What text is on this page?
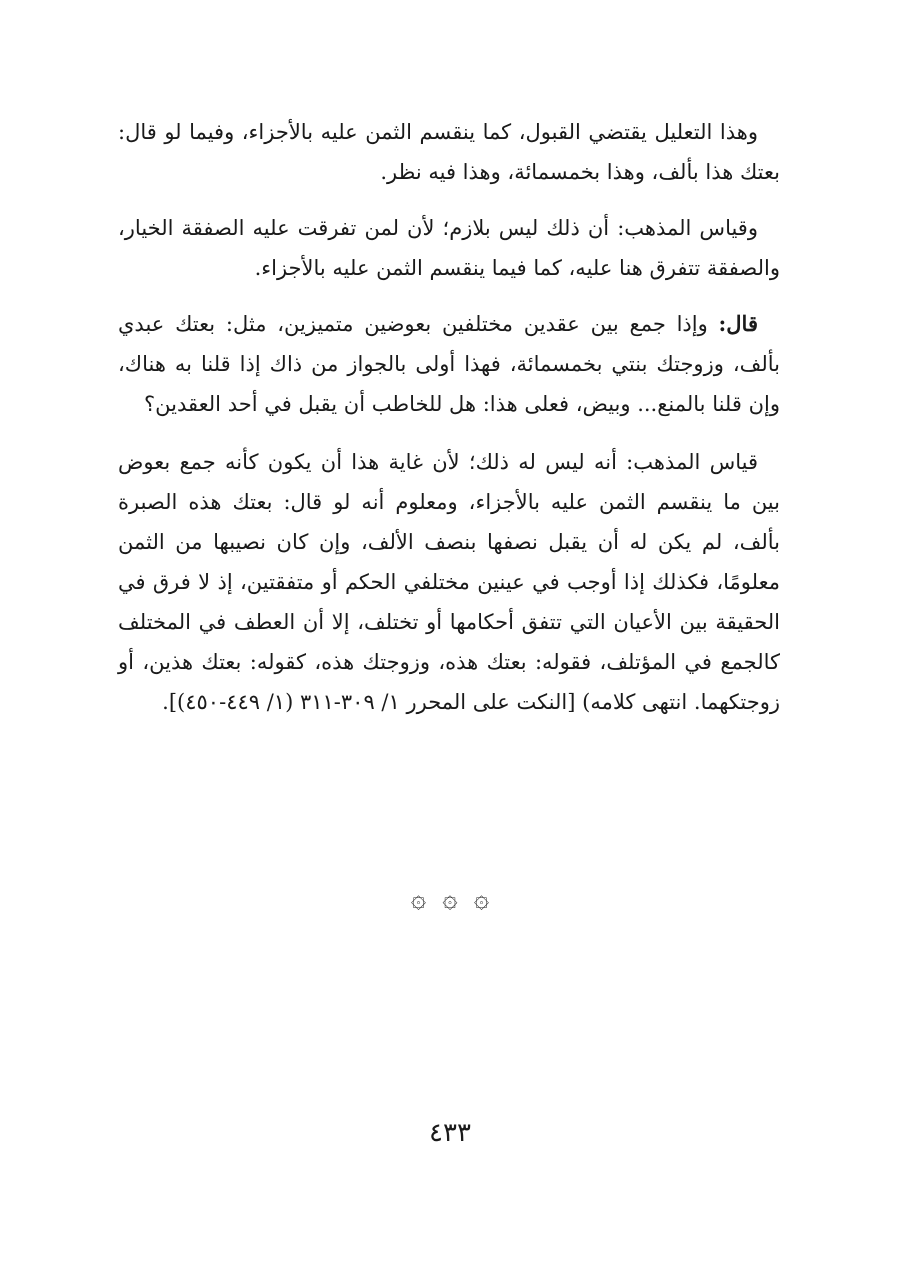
وهذا التعليل يقتضي القبول، كما ينقسم الثمن عليه بالأجزاء، وفيما لو قال: بعتك هذا بألف، وهذا بخمسمائة، وهذا فيه نظر.

وقياس المذهب: أن ذلك ليس بلازم؛ لأن لمن تفرقت عليه الصفقة الخيار، والصفقة تتفرق هنا عليه، كما فيما ينقسم الثمن عليه بالأجزاء.

قال: وإذا جمع بين عقدين مختلفين بعوضين متميزين، مثل: بعتك عبدي بألف، وزوجتك بنتي بخمسمائة، فهذا أولى بالجواز من ذاك إذا قلنا به هناك، وإن قلنا بالمنع... وبيض، فعلى هذا: هل للخاطب أن يقبل في أحد العقدين؟

قياس المذهب: أنه ليس له ذلك؛ لأن غاية هذا أن يكون كأنه جمع بعوض بين ما ينقسم الثمن عليه بالأجزاء، ومعلوم أنه لو قال: بعتك هذه الصبرة بألف، لم يكن له أن يقبل نصفها بنصف الألف، وإن كان نصيبها من الثمن معلومًا، فكذلك إذا أوجب في عينين مختلفي الحكم أو متفقتين، إذ لا فرق في الحقيقة بين الأعيان التي تتفق أحكامها أو تختلف، إلا أن العطف في المختلف كالجمع في المؤتلف، فقوله: بعتك هذه، وزوجتك هذه، كقوله: بعتك هذين، أو زوجتكهما. انتهى كلامه) [النكت على المحرر ١/ ٣٠٩-٣١١ (١/ ٤٤٩-٤٥٠)].

۞ ۞ ۞
٤٣٣
